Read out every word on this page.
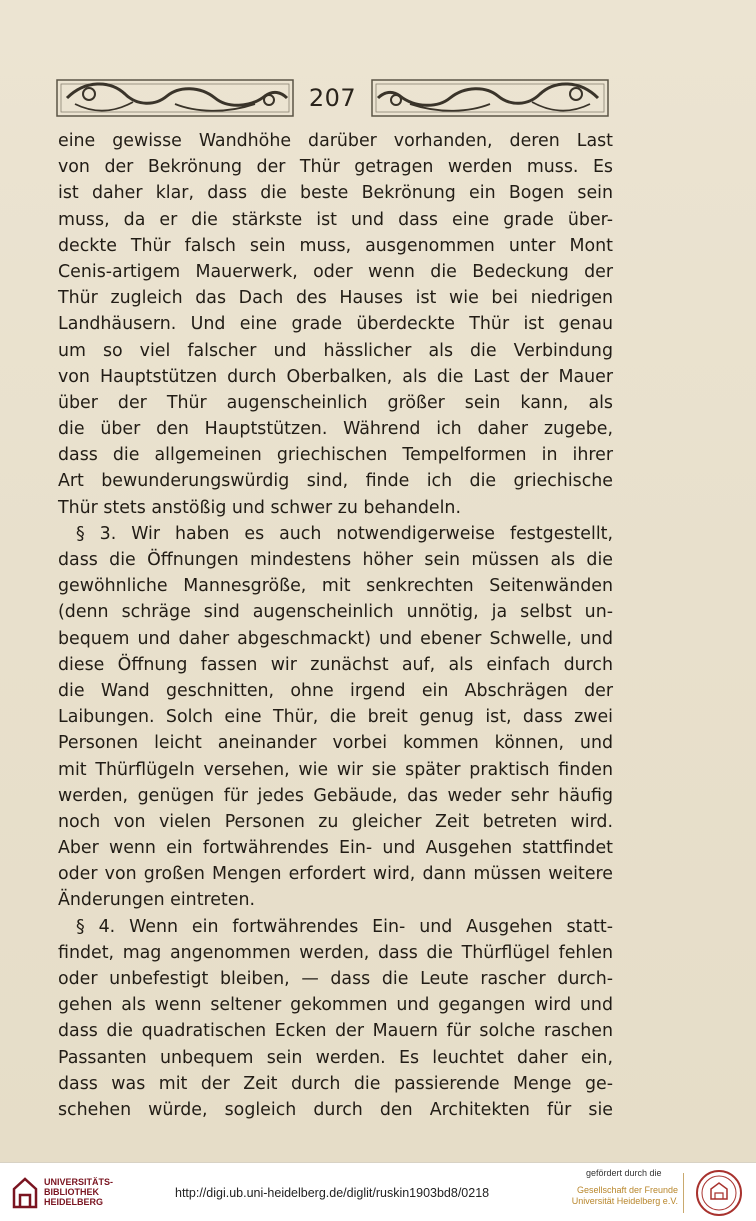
207
eine gewisse Wandhöhe darüber vorhanden, deren Last
von der Bekrönung der Thür getragen werden muss. Es
ist daher klar, dass die beste Bekrönung ein Bogen sein
muss, da er die stärkste ist und dass eine grade über-
deckte Thür falsch sein muss, ausgenommen unter Mont
Cenis-artigem Mauerwerk, oder wenn die Bedeckung der
Thür zugleich das Dach des Hauses ist wie bei niedrigen
Landhäusern. Und eine grade überdeckte Thür ist genau
um so viel falscher und hässlicher als die Verbindung
von Hauptstützen durch Oberbalken, als die Last der Mauer
über der Thür augenscheinlich größer sein kann, als
die über den Hauptstützen. Während ich daher zugebe,
dass die allgemeinen griechischen Tempelformen in ihrer
Art bewunderungswürdig sind, finde ich die griechische
Thür stets anstößig und schwer zu behandeln.
§ 3. Wir haben es auch notwendigerweise festgestellt,
dass die Öffnungen mindestens höher sein müssen als die
gewöhnliche Mannesgröße, mit senkrechten Seitenwänden
(denn schräge sind augenscheinlich unnötig, ja selbst un-
bequem und daher abgeschmackt) und ebener Schwelle, und
diese Öffnung fassen wir zunächst auf, als einfach durch
die Wand geschnitten, ohne irgend ein Abschrägen der
Laibungen. Solch eine Thür, die breit genug ist, dass zwei
Personen leicht aneinander vorbei kommen können, und
mit Thürflügeln versehen, wie wir sie später praktisch finden
werden, genügen für jedes Gebäude, das weder sehr häufig
noch von vielen Personen zu gleicher Zeit betreten wird.
Aber wenn ein fortwährendes Ein- und Ausgehen stattfindet
oder von großen Mengen erfordert wird, dann müssen weitere
Änderungen eintreten.
§ 4. Wenn ein fortwährendes Ein- und Ausgehen statt-
findet, mag angenommen werden, dass die Thürflügel fehlen
oder unbefestigt bleiben, — dass die Leute rascher durch-
gehen als wenn seltener gekommen und gegangen wird und
dass die quadratischen Ecken der Mauern für solche raschen
Passanten unbequem sein werden. Es leuchtet daher ein,
dass was mit der Zeit durch die passierende Menge ge-
schehen würde, sogleich durch den Architekten für sie
UNIVERSITÄTS-
BIBLIOTHEK
HEIDELBERG
http://digi.ub.uni-heidelberg.de/diglit/ruskin1903bd8/0218
gefördert durch die
Gesellschaft der Freunde
Universität Heidelberg e.V.
